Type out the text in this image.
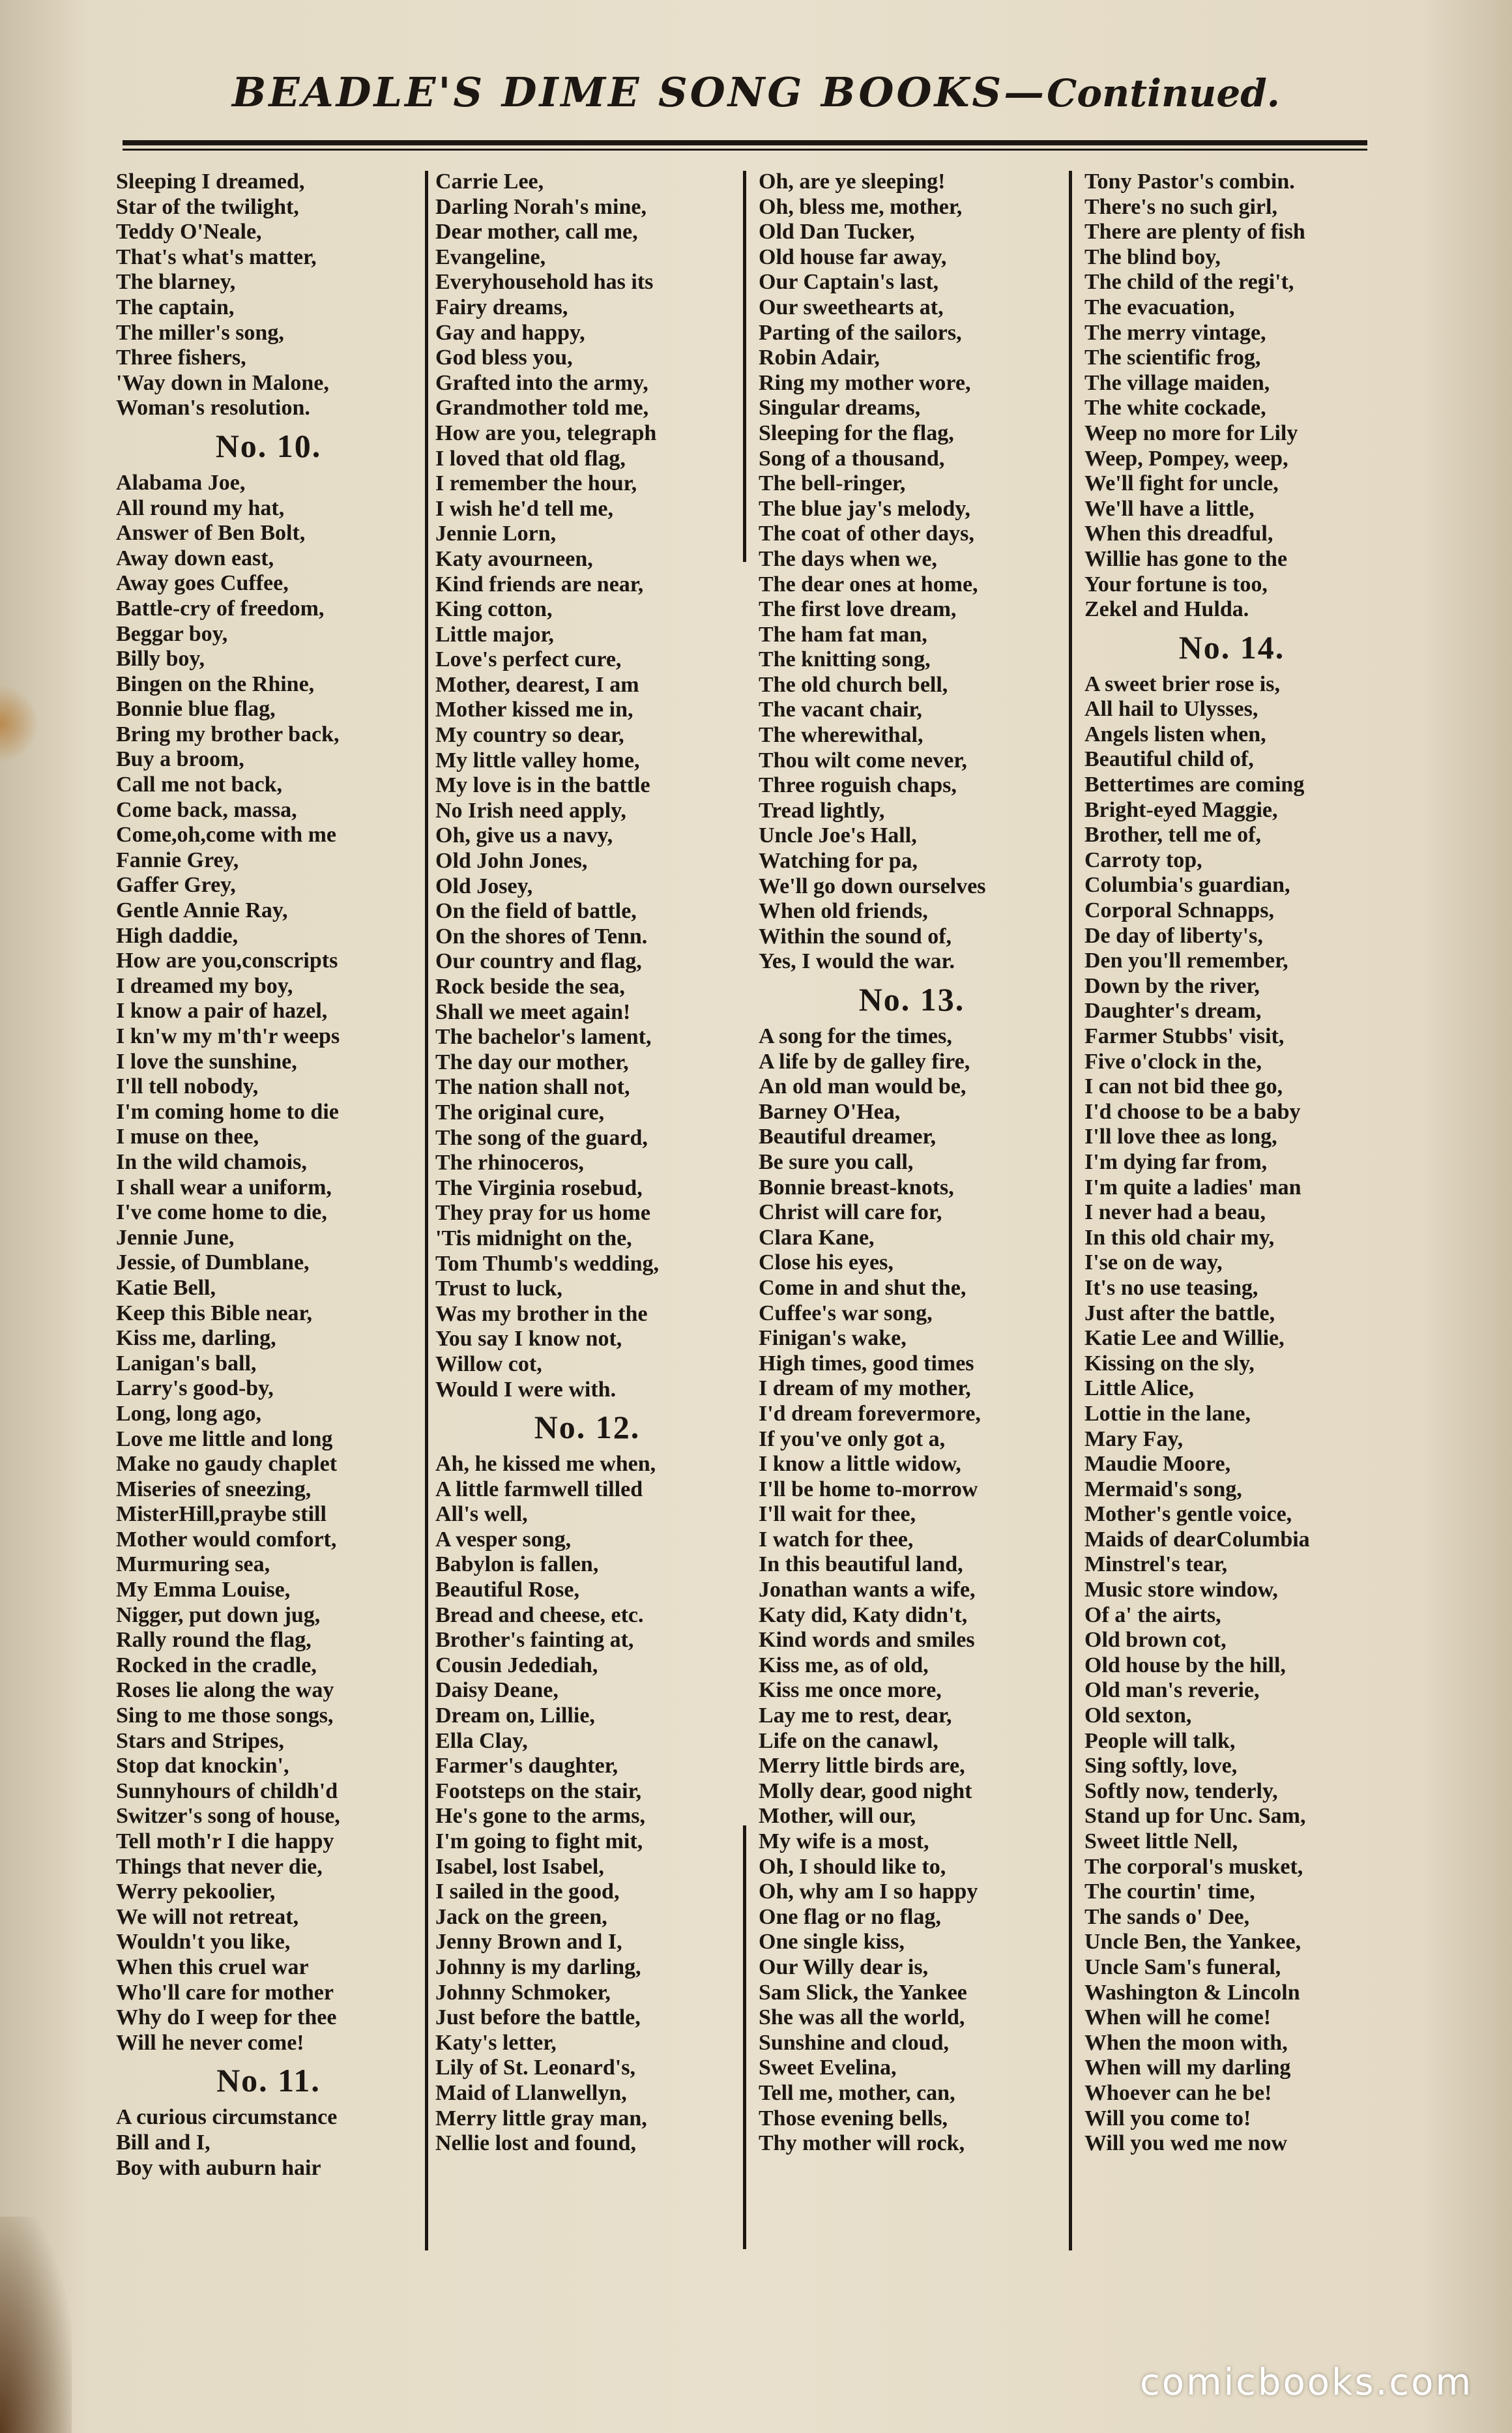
BEADLE'S DIME SONG BOOKS—Continued.
Sleeping I dreamed,
Star of the twilight,
Teddy O'Neale,
That's what's matter,
The blarney,
The captain,
The miller's song,
Three fishers,
'Way down in Malone,
Woman's resolution.
No. 10.
Alabama Joe,
All round my hat,
Answer of Ben Bolt,
Away down east,
Away goes Cuffee,
Battle-cry of freedom,
Beggar boy,
Billy boy,
Bingen on the Rhine,
Bonnie blue flag,
Bring my brother back,
Buy a broom,
Call me not back,
Come back, massa,
Come,oh,come with me
Fannie Grey,
Gaffer Grey,
Gentle Annie Ray,
High daddie,
How are you,conscripts
I dreamed my boy,
I know a pair of hazel,
I kn'w my m'th'r weeps
I love the sunshine,
I'll tell nobody,
I'm coming home to die
I muse on thee,
In the wild chamois,
I shall wear a uniform,
I've come home to die,
Jennie June,
Jessie, of Dumblane,
Katie Bell,
Keep this Bible near,
Kiss me, darling,
Lanigan's ball,
Larry's good-by,
Long, long ago,
Love me little and long
Make no gaudy chaplet
Miseries of sneezing,
MisterHill,praybe still
Mother would comfort,
Murmuring sea,
My Emma Louise,
Nigger, put down jug,
Rally round the flag,
Rocked in the cradle,
Roses lie along the way
Sing to me those songs,
Stars and Stripes,
Stop dat knockin',
Sunnyhours of childh'd
Switzer's song of house,
Tell moth'r I die happy
Things that never die,
Werry pekoolier,
We will not retreat,
Wouldn't you like,
When this cruel war
Who'll care for mother
Why do I weep for thee
Will he never come!
No. 11.
A curious circumstance
Bill and I,
Boy with auburn hair
Carrie Lee,
Darling Norah's mine,
Dear mother, call me,
Evangeline,
Everyhousehold has its
Fairy dreams,
Gay and happy,
God bless you,
Grafted into the army,
Grandmother told me,
How are you, telegraph
I loved that old flag,
I remember the hour,
I wish he'd tell me,
Jennie Lorn,
Katy avourneen,
Kind friends are near,
King cotton,
Little major,
Love's perfect cure,
Mother, dearest, I am
Mother kissed me in,
My country so dear,
My little valley home,
My love is in the battle
No Irish need apply,
Oh, give us a navy,
Old John Jones,
Old Josey,
On the field of battle,
On the shores of Tenn.
Our country and flag,
Rock beside the sea,
Shall we meet again!
The bachelor's lament,
The day our mother,
The nation shall not,
The original cure,
The song of the guard,
The rhinoceros,
The Virginia rosebud,
They pray for us home
'Tis midnight on the,
Tom Thumb's wedding,
Trust to luck,
Was my brother in the
You say I know not,
Willow cot,
Would I were with.
No. 12.
Ah, he kissed me when,
A little farmwell tilled
All's well,
A vesper song,
Babylon is fallen,
Beautiful Rose,
Bread and cheese, etc.
Brother's fainting at,
Cousin Jedediah,
Daisy Deane,
Dream on, Lillie,
Ella Clay,
Farmer's daughter,
Footsteps on the stair,
He's gone to the arms,
I'm going to fight mit,
Isabel, lost Isabel,
I sailed in the good,
Jack on the green,
Jenny Brown and I,
Johnny is my darling,
Johnny Schmoker,
Just before the battle,
Katy's letter,
Lily of St. Leonard's,
Maid of Llanwellyn,
Merry little gray man,
Nellie lost and found,
Oh, are ye sleeping!
Oh, bless me, mother,
Old Dan Tucker,
Old house far away,
Our Captain's last,
Our sweethearts at,
Parting of the sailors,
Robin Adair,
Ring my mother wore,
Singular dreams,
Sleeping for the flag,
Song of a thousand,
The bell-ringer,
The blue jay's melody,
The coat of other days,
The days when we,
The dear ones at home,
The first love dream,
The ham fat man,
The knitting song,
The old church bell,
The vacant chair,
The wherewithal,
Thou wilt come never,
Three roguish chaps,
Tread lightly,
Uncle Joe's Hall,
Watching for pa,
We'll go down ourselves
When old friends,
Within the sound of,
Yes, I would the war.
No. 13.
A song for the times,
A life by de galley fire,
An old man would be,
Barney O'Hea,
Beautiful dreamer,
Be sure you call,
Bonnie breast-knots,
Christ will care for,
Clara Kane,
Close his eyes,
Come in and shut the,
Cuffee's war song,
Finigan's wake,
High times, good times
I dream of my mother,
I'd dream forevermore,
If you've only got a,
I know a little widow,
I'll be home to-morrow
I'll wait for thee,
I watch for thee,
In this beautiful land,
Jonathan wants a wife,
Katy did, Katy didn't,
Kind words and smiles
Kiss me, as of old,
Kiss me once more,
Lay me to rest, dear,
Life on the canawl,
Merry little birds are,
Molly dear, good night
Mother, will our,
My wife is a most,
Oh, I should like to,
Oh, why am I so happy
One flag or no flag,
One single kiss,
Our Willy dear is,
Sam Slick, the Yankee
She was all the world,
Sunshine and cloud,
Sweet Evelina,
Tell me, mother, can,
Those evening bells,
Thy mother will rock,
Tony Pastor's combin.
There's no such girl,
There are plenty of fish
The blind boy,
The child of the regi't,
The evacuation,
The merry vintage,
The scientific frog,
The village maiden,
The white cockade,
Weep no more for Lily
Weep, Pompey, weep,
We'll fight for uncle,
We'll have a little,
When this dreadful,
Willie has gone to the
Your fortune is too,
Zekel and Hulda.
No. 14.
A sweet brier rose is,
All hail to Ulysses,
Angels listen when,
Beautiful child of,
Bettertimes are coming
Bright-eyed Maggie,
Brother, tell me of,
Carroty top,
Columbia's guardian,
Corporal Schnapps,
De day of liberty's,
Den you'll remember,
Down by the river,
Daughter's dream,
Farmer Stubbs' visit,
Five o'clock in the,
I can not bid thee go,
I'd choose to be a baby
I'll love thee as long,
I'm dying far from,
I'm quite a ladies' man
I never had a beau,
In this old chair my,
I'se on de way,
It's no use teasing,
Just after the battle,
Katie Lee and Willie,
Kissing on the sly,
Little Alice,
Lottie in the lane,
Mary Fay,
Maudie Moore,
Mermaid's song,
Mother's gentle voice,
Maids of dearColumbia
Minstrel's tear,
Music store window,
Of a' the airts,
Old brown cot,
Old house by the hill,
Old man's reverie,
Old sexton,
People will talk,
Sing softly, love,
Softly now, tenderly,
Stand up for Unc. Sam,
Sweet little Nell,
The corporal's musket,
The courtin' time,
The sands o' Dee,
Uncle Ben, the Yankee,
Uncle Sam's funeral,
Washington & Lincoln
When will he come!
When the moon with,
When will my darling
Whoever can he be!
Will you come to!
Will you wed me now
comicbooks.com
